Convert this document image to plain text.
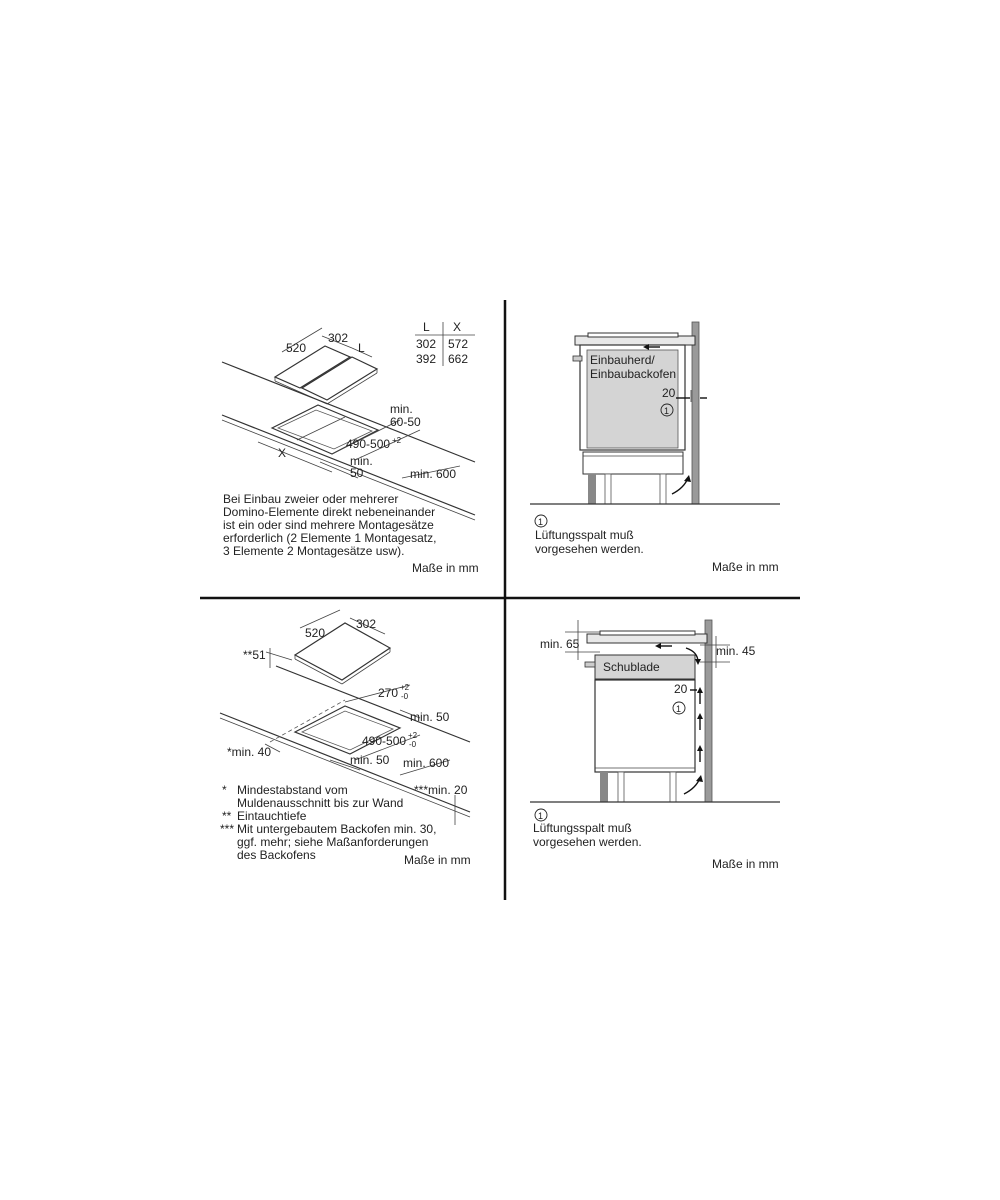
L X
302 572
392 662
520
302
L
min.
60-50
490-500 +2
X
min.
50	min. 600
Bei Einbau zweier oder mehrerer
Domino-Elemente direkt nebeneinander
ist ein oder sind mehrere Montagesätze
erforderlich (2 Elemente 1 Montagesatz,
3 Elemente 2 Montagesätze usw).
Maße in mm
Einbauherd/
Einbaubackofen
20
1
1
Lüftungsspalt muß
vorgesehen werden.
Maße in mm
520
302
**51
270 +2
-0
min. 50
490-500 +2
-0
*min. 40
min. 50 min. 600
***min. 20
* Mindestabstand vom
Muldenausschnitt bis zur Wand
** Eintauchtiefe
*** Mit untergebautem Backofen min. 30,
ggf. mehr; siehe Maßanforderungen
des Backofens	Maße in mm
min. 65	min. 45
Schublade
20
1
1
Lüftungsspalt muß
vorgesehen werden.
Maße in mm
